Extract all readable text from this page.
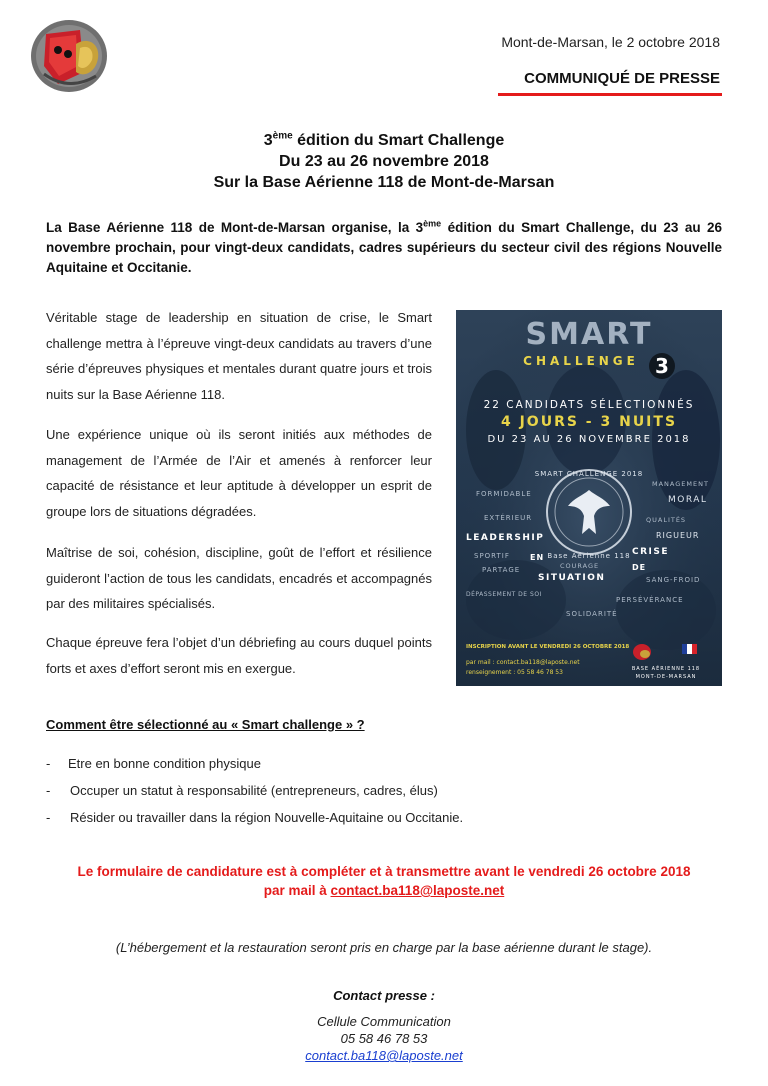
Mont-de-Marsan, le 2 octobre 2018
COMMUNIQUÉ DE PRESSE
3ème édition du Smart Challenge
Du 23 au 26 novembre 2018
Sur la Base Aérienne 118 de Mont-de-Marsan
La Base Aérienne 118 de Mont-de-Marsan organise, la 3ème édition du Smart Challenge, du 23 au 26 novembre prochain, pour vingt-deux candidats, cadres supérieurs du secteur civil des régions Nouvelle Aquitaine et Occitanie.
Véritable stage de leadership en situation de crise, le Smart challenge mettra à l’épreuve vingt-deux candidats au travers d’une série d’épreuves physiques et mentales durant quatre jours et trois nuits sur la Base Aérienne 118.
Une expérience unique où ils seront initiés aux méthodes de management de l’Armée de l’Air et amenés à renforcer leur capacité de résistance et leur aptitude à développer un esprit de groupe lors de situations dégradées.
Maîtrise de soi, cohésion, discipline, goût de l’effort et résilience guideront l’action de tous les candidats, encadrés et accompagnés par des militaires spécialisés.
Chaque épreuve fera l’objet d’un débriefing au cours duquel points forts et axes d’effort seront mis en exergue.
SMART
CHALLENGE 3
22 CANDIDATS SÉLECTIONNÉS
4 JOURS - 3 NUITS
DU 23 AU 26 NOVEMBRE 2018
SMART CHALLENGE 2018
Base Aérienne 118
FORMIDABLE
EXTÉRIEUR
LEADERSHIP
SPORTIF
PARTAGE
DÉPASSEMENT DE SOI
MANAGEMENT
MORAL
QUALITÉS
RIGUEUR
CRISE
SANG-FROID
PERSÉVÉRANCE
SOLIDARITÉ
EN
COURAGE	DE
SITUATION
INSCRIPTION AVANT LE VENDREDI 26 OCTOBRE 2018
par mail : contact.ba118@laposte.net
renseignement : 05 58 46 78 53	BASE AÉRIENNE 118
MONT-DE-MARSAN
Comment être sélectionné au « Smart challenge » ?
- Etre en bonne condition physique
- Occuper un statut à responsabilité (entrepreneurs, cadres, élus)
- Résider ou travailler dans la région Nouvelle-Aquitaine ou Occitanie.
Le formulaire de candidature est à compléter et à transmettre avant le vendredi 26 octobre 2018
par mail à contact.ba118@laposte.net
(L’hébergement et la restauration seront pris en charge par la base aérienne durant le stage).
Contact presse :
Cellule Communication
05 58 46 78 53
contact.ba118@laposte.net
